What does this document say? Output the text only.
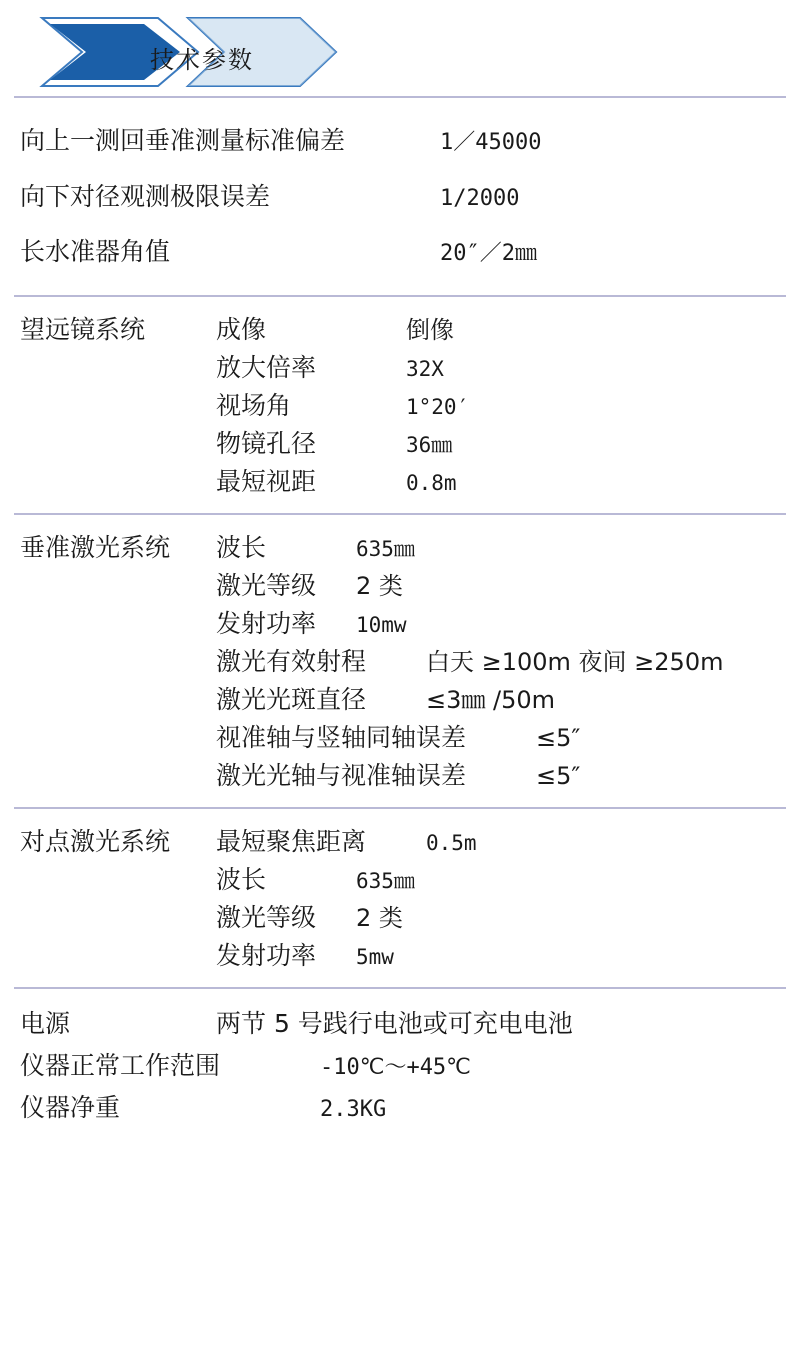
技术参数
向上一测回垂准测量标准偏差	1／45000
向下对径观测极限误差	1/2000
长水准器角值	20″／2㎜
望远镜系统	成像	倒像
放大倍率	32X
视场角	1°20′
物镜孔径	36㎜
最短视距	0.8m
垂准激光系统	波长	635㎜
激光等级	2 类
发射功率	10mw
激光有效射程	白天 ≥100m 夜间 ≥250m
激光光斑直径	≤3㎜ /50m
视准轴与竖轴同轴误差	≤5″
激光光轴与视准轴误差	≤5″
对点激光系统	最短聚焦距离	0.5m
波长	635㎜
激光等级	2 类
发射功率	5mw
电源	两节 5 号践行电池或可充电电池
仪器正常工作范围	-10℃～+45℃
仪器净重	2.3KG
